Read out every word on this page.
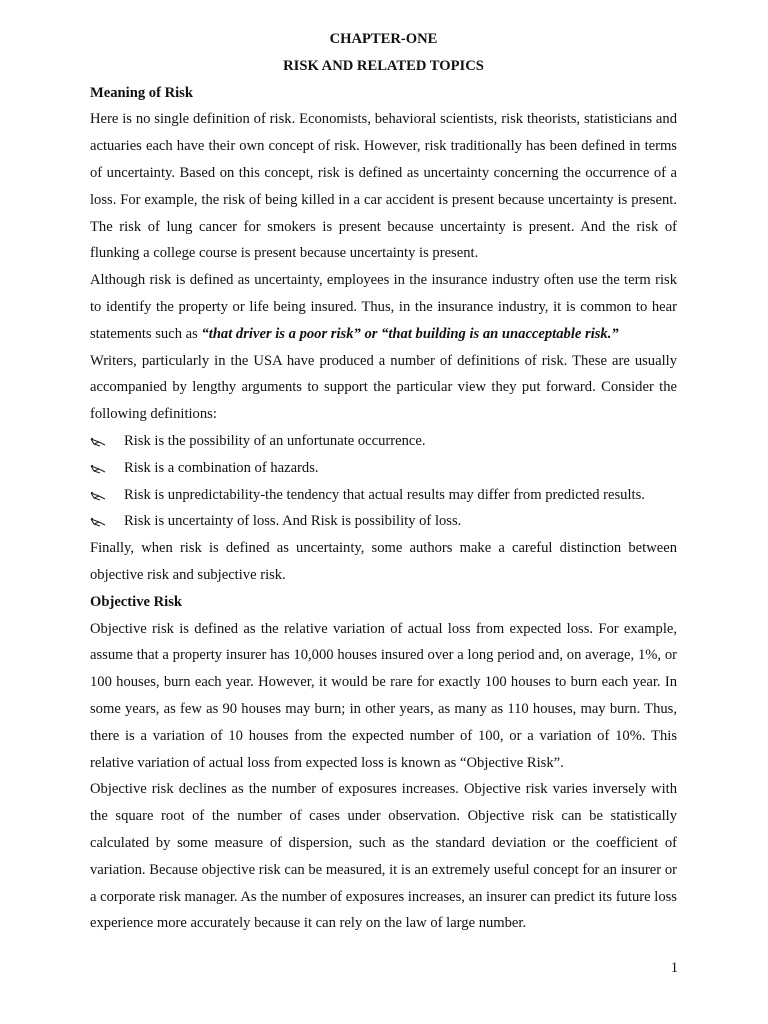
CHAPTER-ONE
RISK AND RELATED TOPICS
Meaning of Risk

Here is no single definition of risk. Economists, behavioral scientists, risk theorists, statisticians and actuaries each have their own concept of risk. However, risk traditionally has been defined in terms of uncertainty. Based on this concept, risk is defined as uncertainty concerning the occurrence of a loss. For example, the risk of being killed in a car accident is present because uncertainty is present. The risk of lung cancer for smokers is present because uncertainty is present. And the risk of flunking a college course is present because uncertainty is present.

Although risk is defined as uncertainty, employees in the insurance industry often use the term risk to identify the property or life being insured. Thus, in the insurance industry, it is common to hear statements such as “that driver is a poor risk” or “that building is an unacceptable risk.”

Writers, particularly in the USA have produced a number of definitions of risk. These are usually accompanied by lengthy arguments to support the particular view they put forward. Consider the following definitions:

Risk is the possibility of an unfortunate occurrence.
Risk is a combination of hazards.
Risk is unpredictability-the tendency that actual results may differ from predicted results.
Risk is uncertainty of loss. And Risk is possibility of loss.

Finally, when risk is defined as uncertainty, some authors make a careful distinction between objective risk and subjective risk.

Objective Risk

Objective risk is defined as the relative variation of actual loss from expected loss. For example, assume that a property insurer has 10,000 houses insured over a long period and, on average, 1%, or 100 houses, burn each year. However, it would be rare for exactly 100 houses to burn each year. In some years, as few as 90 houses may burn; in other years, as many as 110 houses, may burn. Thus, there is a variation of 10 houses from the expected number of 100, or a variation of 10%. This relative variation of actual loss from expected loss is known as “Objective Risk”.

Objective risk declines as the number of exposures increases. Objective risk varies inversely with the square root of the number of cases under observation. Objective risk can be statistically calculated by some measure of dispersion, such as the standard deviation or the coefficient of variation. Because objective risk can be measured, it is an extremely useful concept for an insurer or a corporate risk manager. As the number of exposures increases, an insurer can predict its future loss experience more accurately because it can rely on the law of large number.

1
